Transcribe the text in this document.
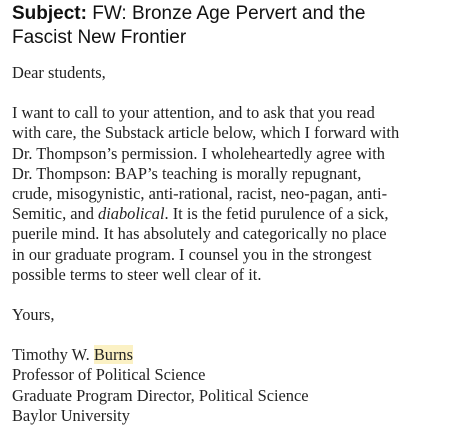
Subject: FW: Bronze Age Pervert and the
Fascist New Frontier
Dear students,
I want to call to your attention, and to ask that you read
with care, the Substack article below, which I forward with
Dr. Thompson’s permission. I wholeheartedly agree with
Dr. Thompson: BAP’s teaching is morally repugnant,
crude, misogynistic, anti-rational, racist, neo-pagan, anti-
Semitic, and diabolical. It is the fetid purulence of a sick,
puerile mind. It has absolutely and categorically no place
in our graduate program. I counsel you in the strongest
possible terms to steer well clear of it.
Yours,
Timothy W. Burns
Professor of Political Science
Graduate Program Director, Political Science
Baylor University
